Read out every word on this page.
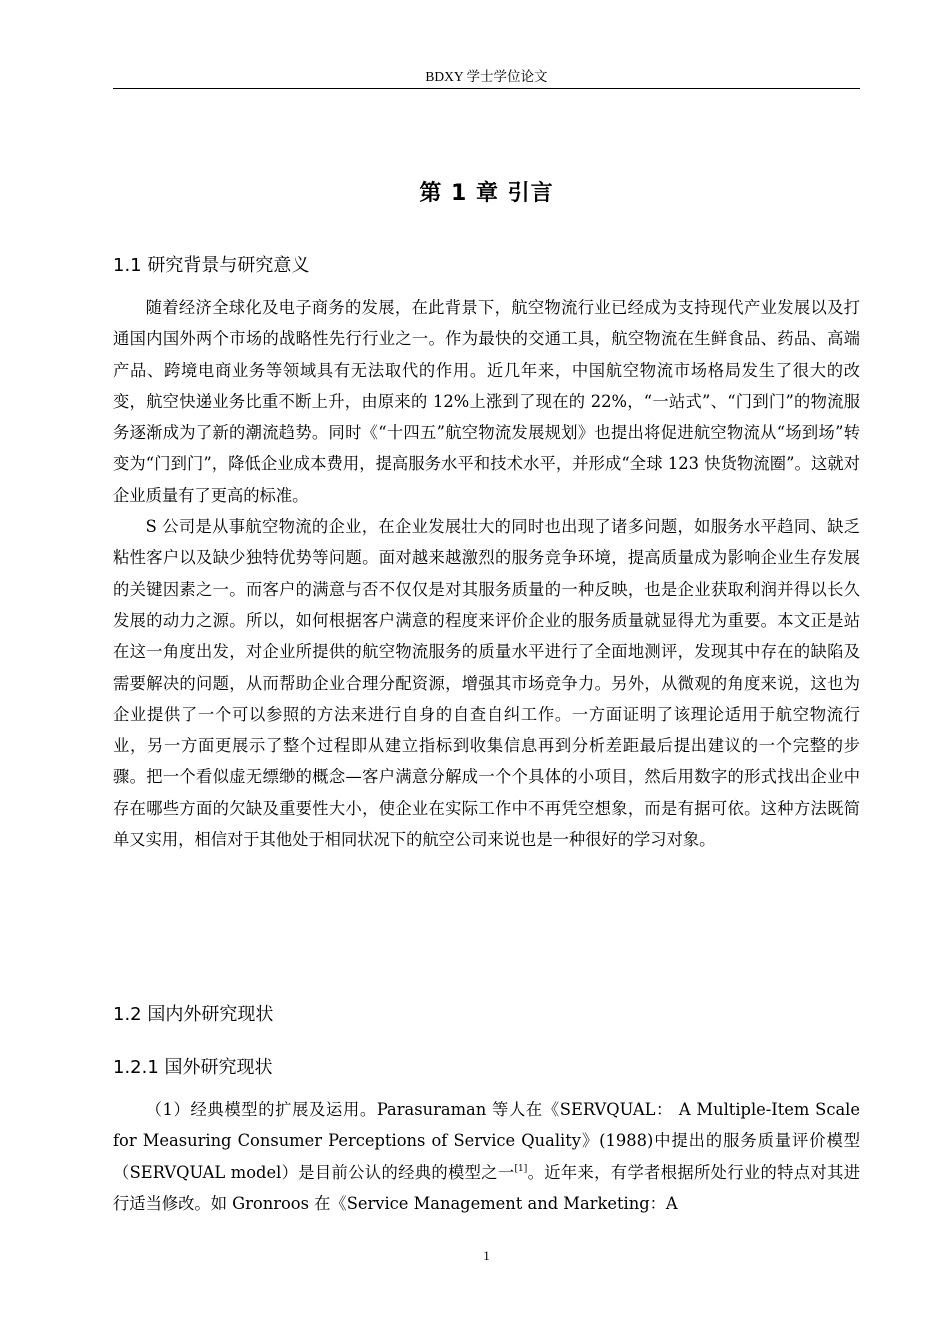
BDXY 学士学位论文
第 1 章 引言
1.1 研究背景与研究意义

随着经济全球化及电子商务的发展，在此背景下，航空物流行业已经成为支持现代产业发展以及打通国内国外两个市场的战略性先行行业之一。作为最快的交通工具，航空物流在生鲜食品、药品、高端产品、跨境电商业务等领域具有无法取代的作用。近几年来，中国航空物流市场格局发生了很大的改变，航空快递业务比重不断上升，由原来的 12%上涨到了现在的 22%，“一站式”、“门到门”的物流服务逐渐成为了新的潮流趋势。同时《“十四五”航空物流发展规划》也提出将促进航空物流从“场到场”转变为“门到门”，降低企业成本费用，提高服务水平和技术水平，并形成“全球 123 快货物流圈”。这就对企业质量有了更高的标准。

S 公司是从事航空物流的企业，在企业发展壮大的同时也出现了诸多问题，如服务水平趋同、缺乏粘性客户以及缺少独特优势等问题。面对越来越激烈的服务竞争环境，提高质量成为影响企业生存发展的关键因素之一。而客户的满意与否不仅仅是对其服务质量的一种反映，也是企业获取利润并得以长久发展的动力之源。所以，如何根据客户满意的程度来评价企业的服务质量就显得尤为重要。本文正是站在这一角度出发，对企业所提供的航空物流服务的质量水平进行了全面地测评，发现其中存在的缺陷及需要解决的问题，从而帮助企业合理分配资源，增强其市场竞争力。另外，从微观的角度来说，这也为企业提供了一个可以参照的方法来进行自身的自查自纠工作。一方面证明了该理论适用于航空物流行业，另一方面更展示了整个过程即从建立指标到收集信息再到分析差距最后提出建议的一个完整的步骤。把一个看似虚无缥缈的概念—客户满意分解成一个个具体的小项目，然后用数字的形式找出企业中存在哪些方面的欠缺及重要性大小，使企业在实际工作中不再凭空想象，而是有据可依。这种方法既简单又实用，相信对于其他处于相同状况下的航空公司来说也是一种很好的学习对象。

1.2 国内外研究现状
1.2.1 国外研究现状

（1）经典模型的扩展及运用。Parasuraman 等人在《SERVQUAL： A Multiple-Item Scale for Measuring Consumer Perceptions of Service Quality》(1988)中提出的服务质量评价模型（SERVQUAL model）是目前公认的经典的模型之一[1]。近年来，有学者根据所处行业的特点对其进行适当修改。如 Gronroos 在《Service Management and Marketing：A

1
